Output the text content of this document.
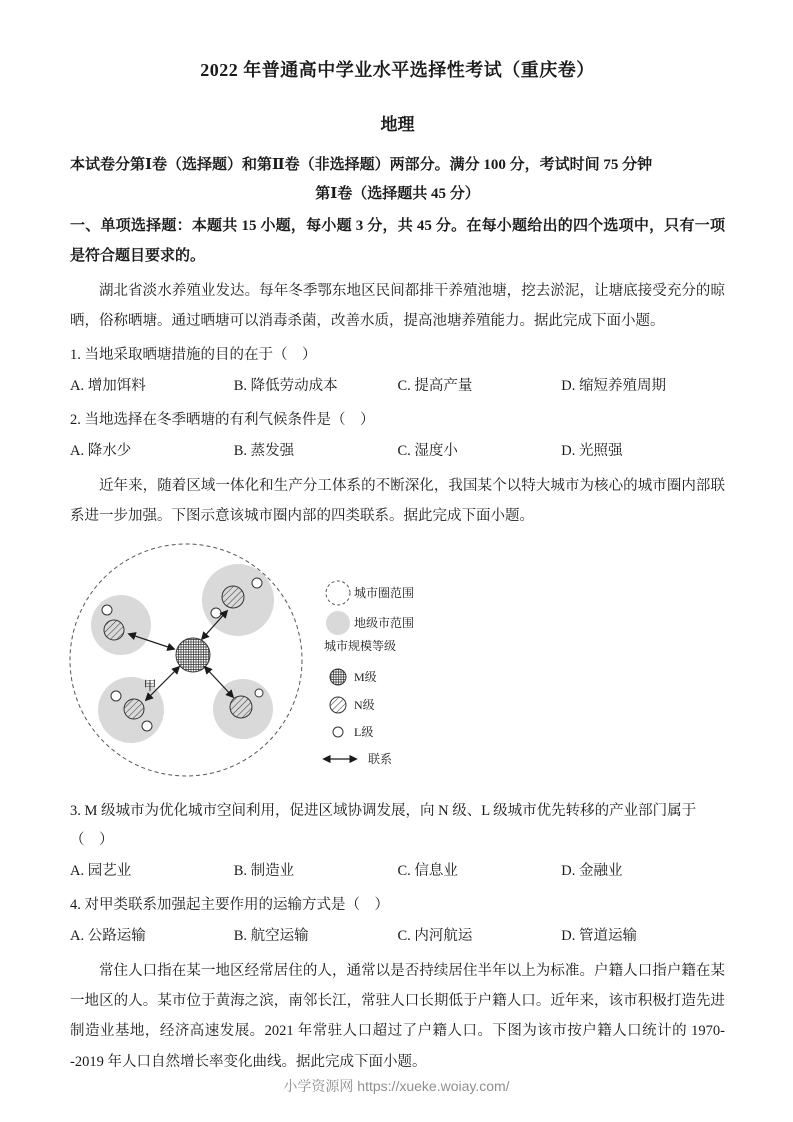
2022 年普通高中学业水平选择性考试（重庆卷）
地理
本试卷分第Ⅰ卷（选择题）和第Ⅱ卷（非选择题）两部分。满分 100 分，考试时间 75 分钟
第Ⅰ卷（选择题共 45 分）
一、单项选择题：本题共 15 小题，每小题 3 分，共 45 分。在每小题给出的四个选项中，只有一项是符合题目要求的。

湖北省淡水养殖业发达。每年冬季鄂东地区民间都排干养殖池塘，挖去淤泥，让塘底接受充分的晾晒，俗称晒塘。通过晒塘可以消毒杀菌，改善水质，提高池塘养殖能力。据此完成下面小题。

1. 当地采取晒塘措施的目的在于（　）
A. 增加饵料	B. 降低劳动成本	C. 提高产量	D. 缩短养殖周期
2. 当地选择在冬季晒塘的有利气候条件是（　）
A. 降水少	B. 蒸发强	C. 湿度小	D. 光照强

近年来，随着区域一体化和生产分工体系的不断深化，我国某个以特大城市为核心的城市圈内部联系进一步加强。下图示意该城市圈内部的四类联系。据此完成下面小题。

甲
城市圈范围
地级市范围
城市规模等级
M级
N级
L级
联系
3. M 级城市为优化城市空间利用，促进区域协调发展，向 N 级、L 级城市优先转移的产业部门属于（　）
A. 园艺业	B. 制造业	C. 信息业	D. 金融业
4. 对甲类联系加强起主要作用的运输方式是（　）
A. 公路运输	B. 航空运输	C. 内河航运	D. 管道运输

常住人口指在某一地区经常居住的人，通常以是否持续居住半年以上为标准。户籍人口指户籍在某一地区的人。某市位于黄海之滨，南邻长江，常驻人口长期低于户籍人口。近年来，该市积极打造先进制造业基地，经济高速发展。2021 年常驻人口超过了户籍人口。下图为该市按户籍人口统计的 1970--2019 年人口自然增长率变化曲线。据此完成下面小题。

小学资源网 https://xueke.woiay.com/
